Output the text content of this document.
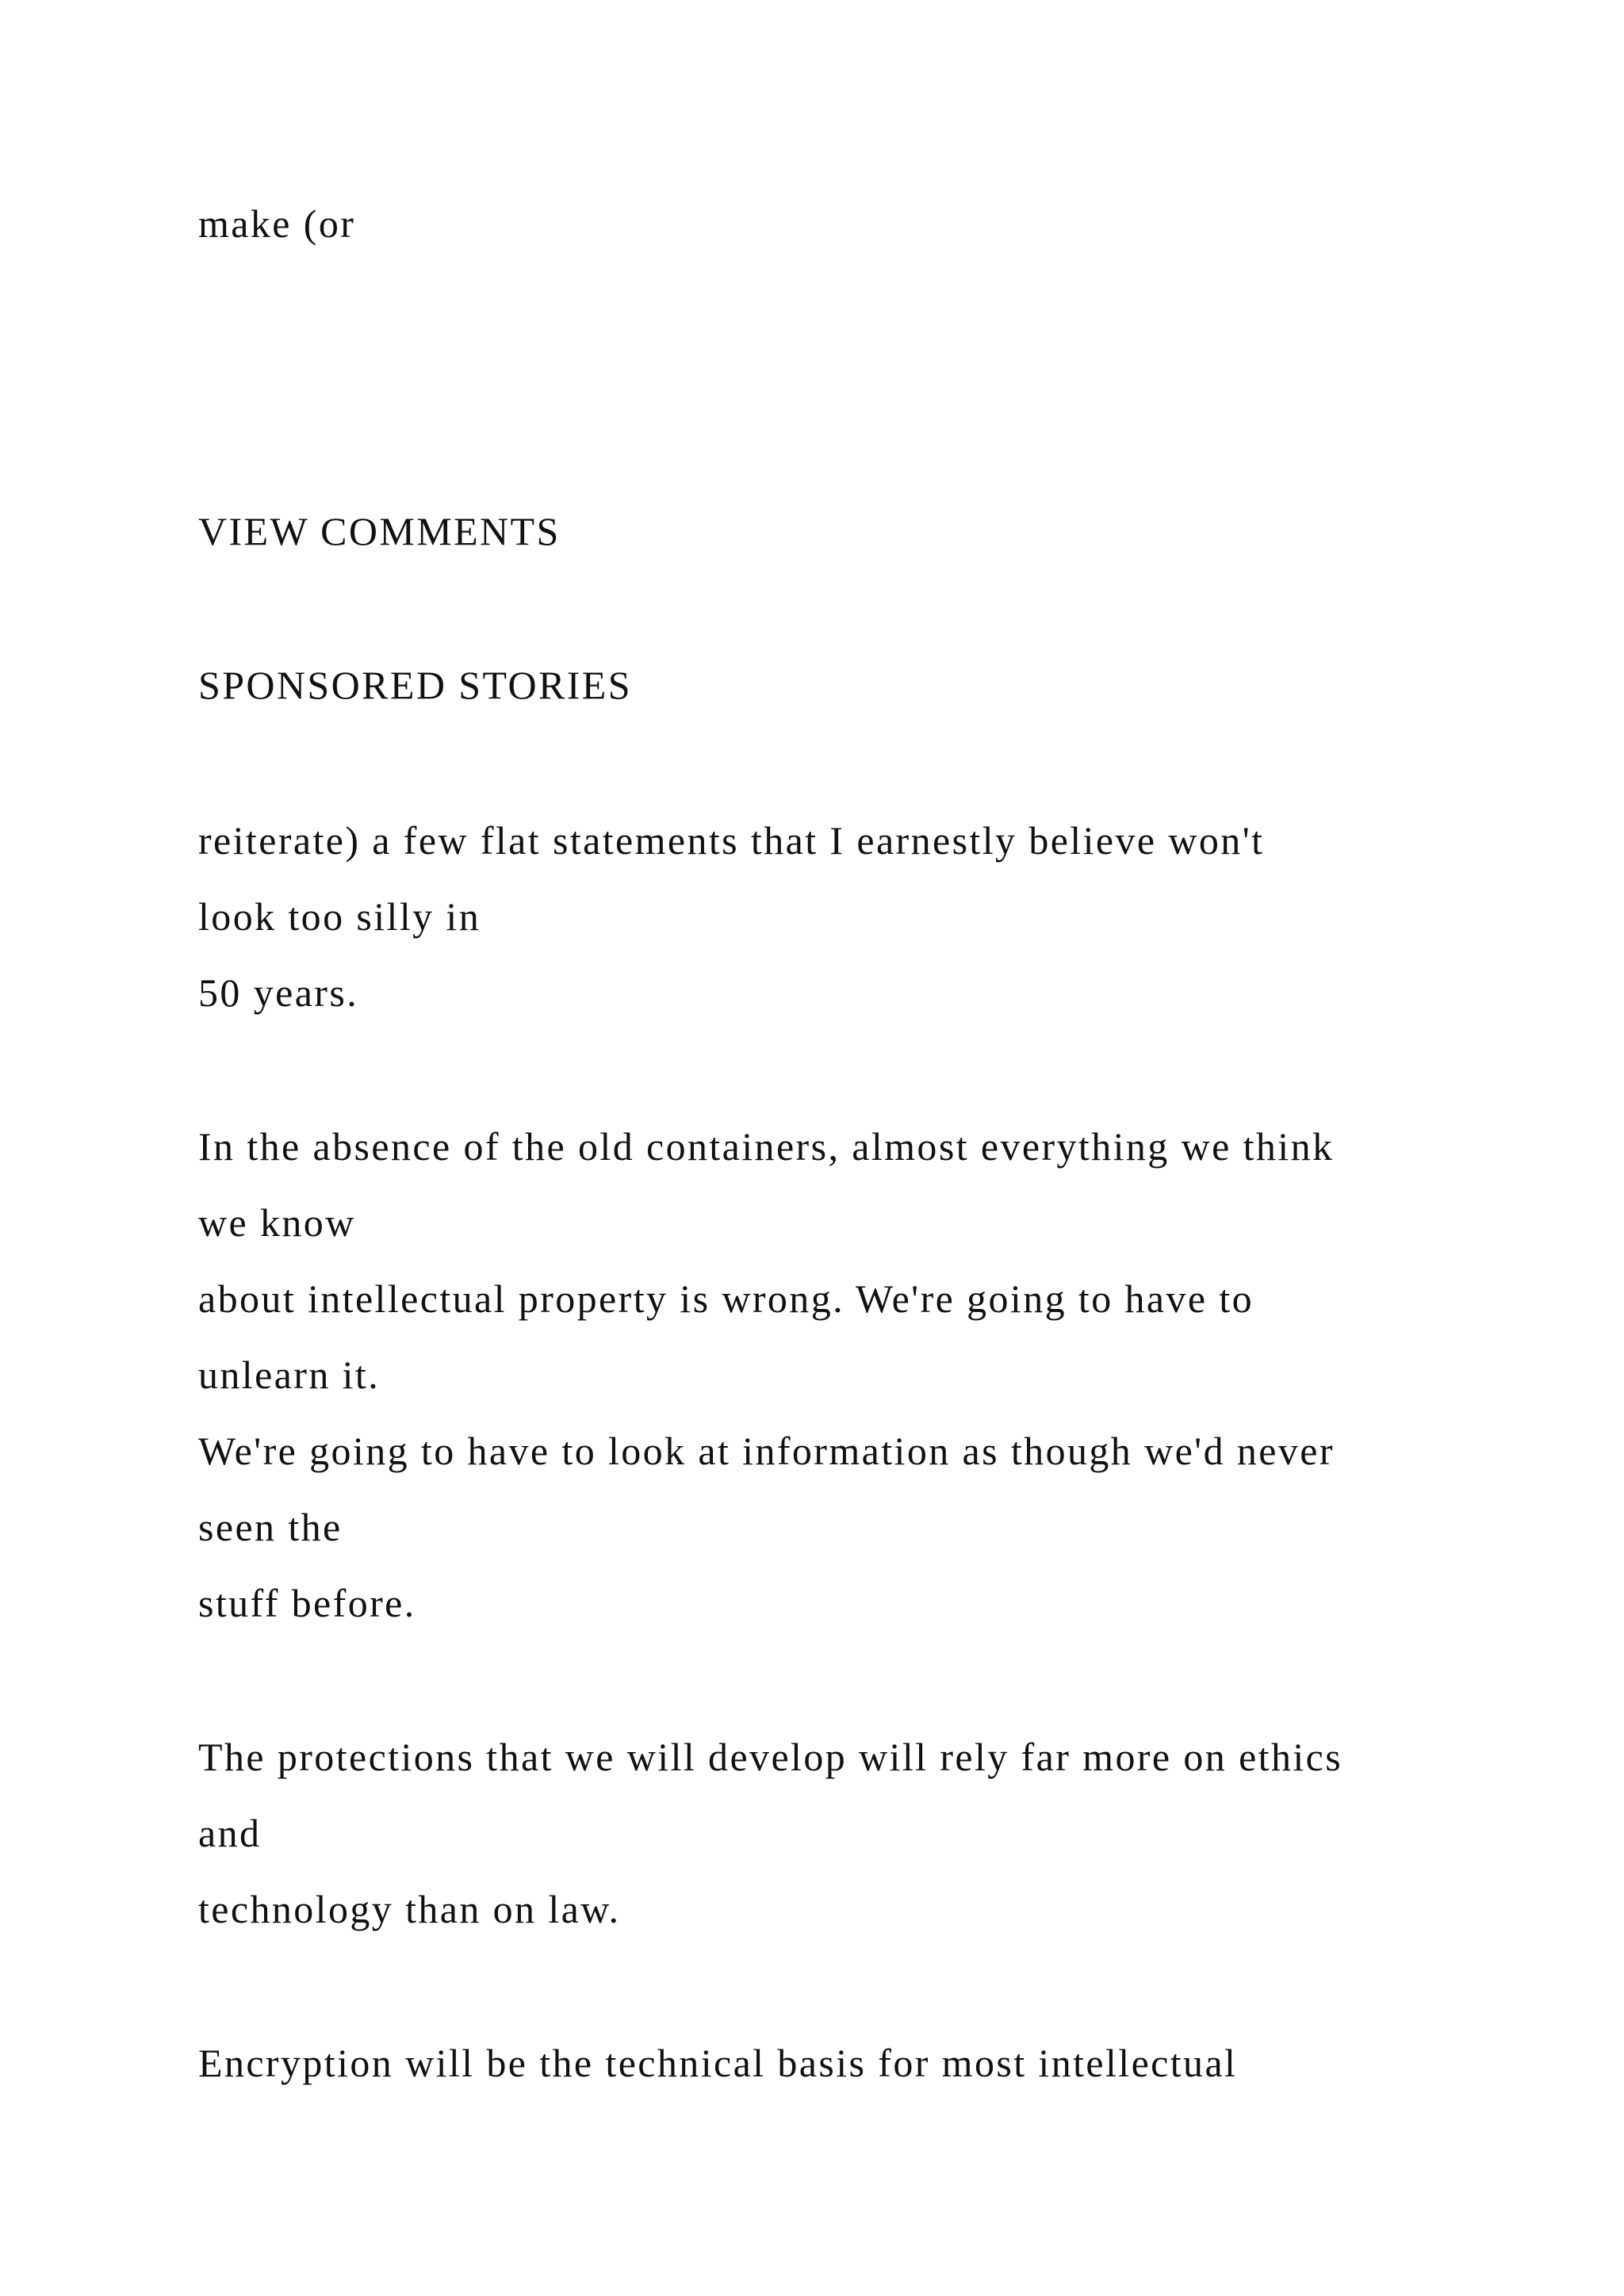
make (or

VIEW COMMENTS

SPONSORED STORIES

reiterate) a few flat statements that I earnestly believe won't

look too silly in

50 years.

In the absence of the old containers, almost everything we think

we know

about intellectual property is wrong. We're going to have to

unlearn it.

We're going to have to look at information as though we'd never

seen the

stuff before.

The protections that we will develop will rely far more on ethics

and

technology than on law.

Encryption will be the technical basis for most intellectual
